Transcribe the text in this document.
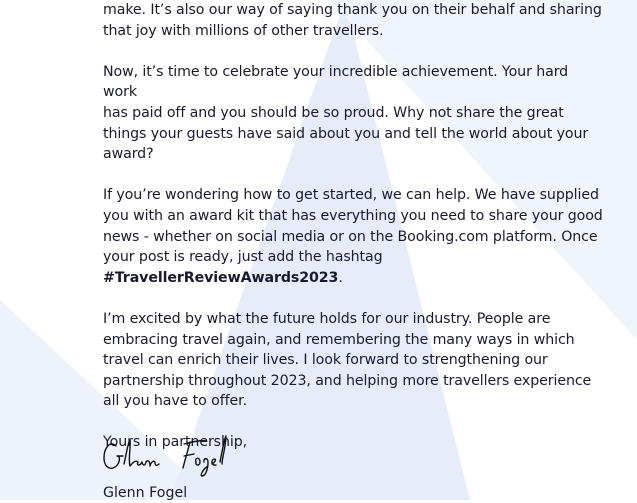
make. It’s also our way of saying thank you on their behalf and sharing
that joy with millions of other travellers.
Now, it’s time to celebrate your incredible achievement. Your hard work
has paid off and you should be so proud. Why not share the great
things your guests have said about you and tell the world about your
award?
If you’re wondering how to get started, we can help. We have supplied
you with an award kit that has everything you need to share your good
news - whether on social media or on the Booking.com platform. Once
your post is ready, just add the hashtag #TravellerReviewAwards2023.
I’m excited by what the future holds for our industry. People are
embracing travel again, and remembering the many ways in which
travel can enrich their lives. I look forward to strengthening our
partnership throughout 2023, and helping more travellers experience
all you have to offer.
Yours in partnership,
Glenn Fogel
